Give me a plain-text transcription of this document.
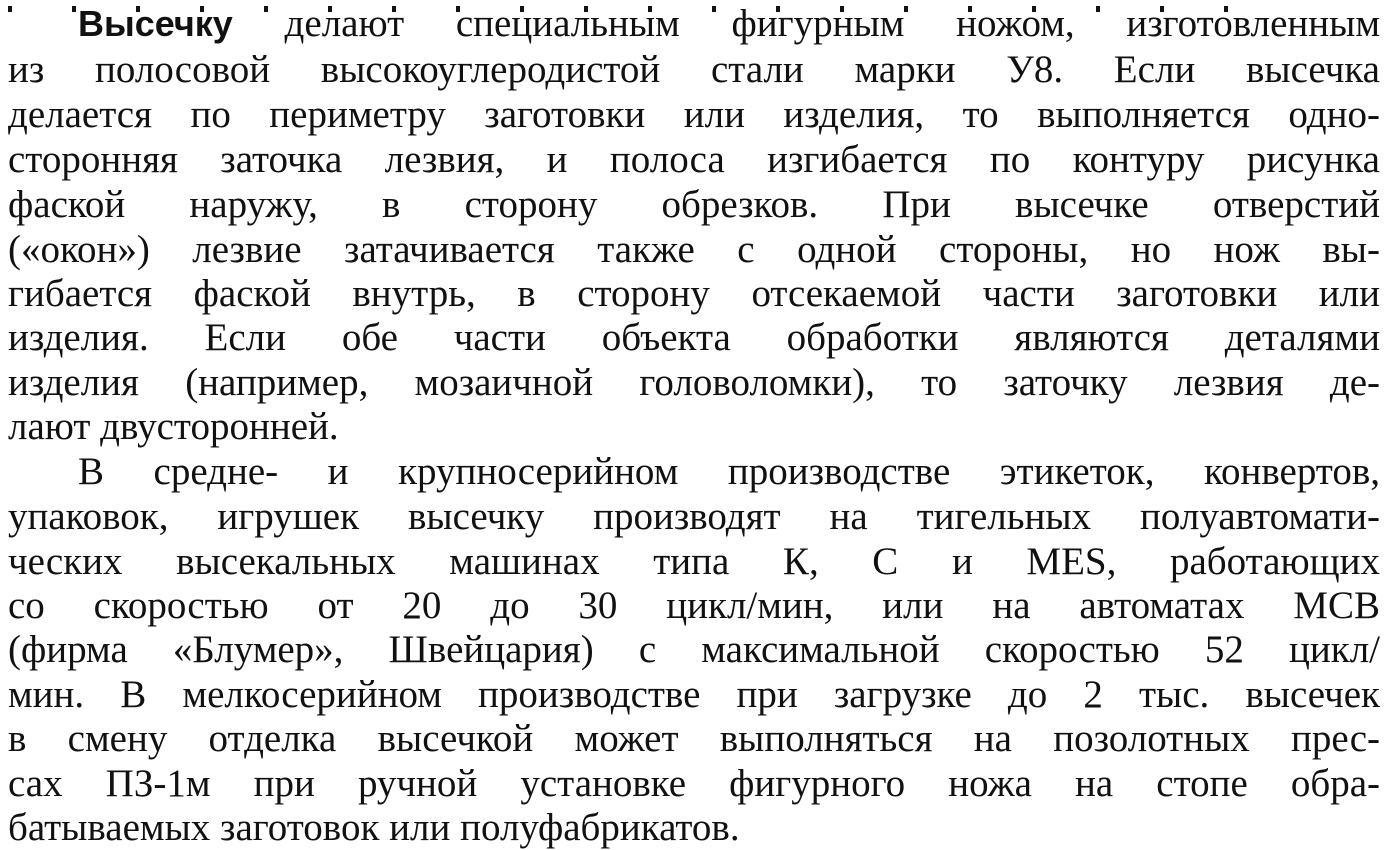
Высечку делают специальным фигурным ножом, изготовленным
из полосовой высокоуглеродистой стали марки У8. Если высечка
делается по периметру заготовки или изделия, то выполняется одно-
сторонняя заточка лезвия, и полоса изгибается по контуру рисунка
фаской наружу, в сторону обрезков. При высечке отверстий
(«окон») лезвие затачивается также с одной стороны, но нож вы-
гибается фаской внутрь, в сторону отсекаемой части заготовки или
изделия. Если обе части объекта обработки являются деталями
изделия (например, мозаичной головоломки), то заточку лезвия де-
лают двусторонней.
В средне- и крупносерийном производстве этикеток, конвертов,
упаковок, игрушек высечку производят на тигельных полуавтомати-
ческих высекальных машинах типа К, С и MES, работающих
со скоростью от 20 до 30 цикл/мин, или на автоматах МСВ
(фирма «Блумер», Швейцария) с максимальной скоростью 52 цикл/
мин. В мелкосерийном производстве при загрузке до 2 тыс. высечек
в смену отделка высечкой может выполняться на позолотных прес-
сах ПЗ-1м при ручной установке фигурного ножа на стопе обра-
батываемых заготовок или полуфабрикатов.
